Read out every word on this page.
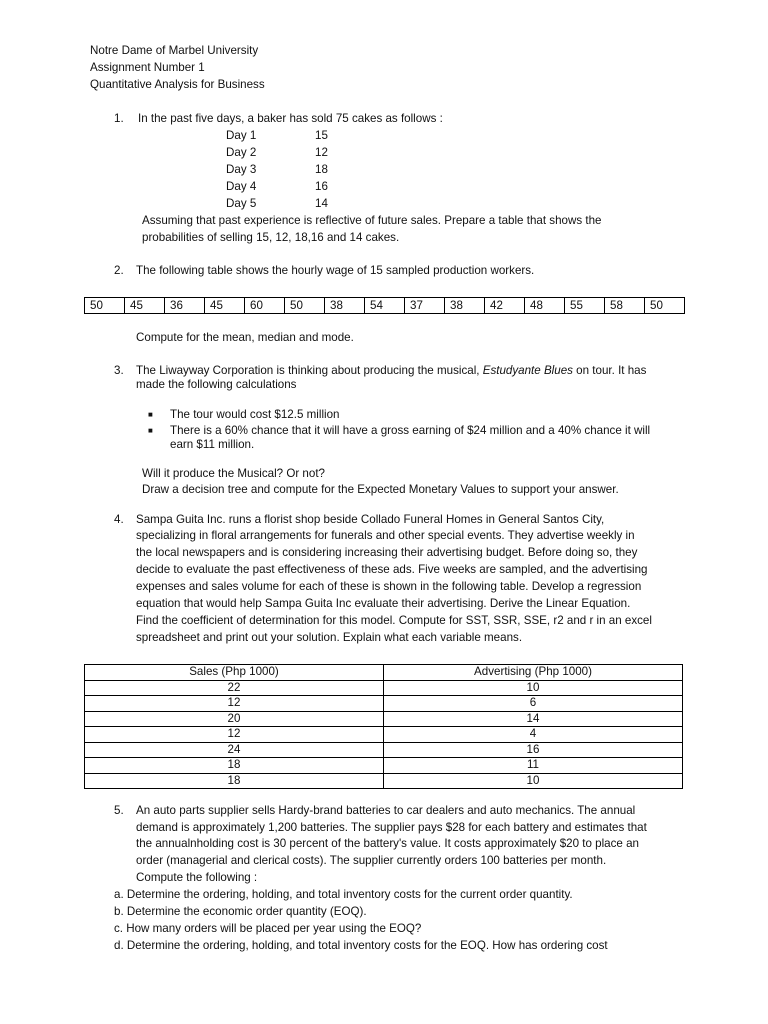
Notre Dame of Marbel University
Assignment Number 1
Quantitative Analysis for Business
1. In the past five days, a baker has sold 75 cakes as follows :
Day 1	15
Day 2	12
Day 3	18
Day 4	16
Day 5	14
Assuming that past experience is reflective of future sales. Prepare a table that shows the
probabilities of selling 15, 12, 18,16 and 14 cakes.
2. The following table shows the hourly wage of 15 sampled production workers.
50	45	36	45	60	50	38	54	37	38	42	48	55	58	50
Compute for the mean, median and mode.
3. The Liwayway Corporation is thinking about producing the musical, Estudyante Blues on tour. It has
made the following calculations
■ The tour would cost $12.5 million
■ There is a 60% chance that it will have a gross earning of $24 million and a 40% chance it will
earn $11 million.
Will it produce the Musical? Or not?
Draw a decision tree and compute for the Expected Monetary Values to support your answer.
4. Sampa Guita Inc. runs a florist shop beside Collado Funeral Homes in General Santos City,
specializing in floral arrangements for funerals and other special events. They advertise weekly in
the local newspapers and is considering increasing their advertising budget. Before doing so, they
decide to evaluate the past effectiveness of these ads. Five weeks are sampled, and the advertising
expenses and sales volume for each of these is shown in the following table. Develop a regression
equation that would help Sampa Guita Inc evaluate their advertising. Derive the Linear Equation.
Find the coefficient of determination for this model. Compute for SST, SSR, SSE, r2 and r in an excel
spreadsheet and print out your solution. Explain what each variable means.
Sales (Php 1000)	Advertising (Php 1000)
22	10
12	6
20	14
12	4
24	16
18	11
18	10
5. An auto parts supplier sells Hardy-brand batteries to car dealers and auto mechanics. The annual
demand is approximately 1,200 batteries. The supplier pays $28 for each battery and estimates that
the annualnholding cost is 30 percent of the battery's value. It costs approximately $20 to place an
order (managerial and clerical costs). The supplier currently orders 100 batteries per month.
Compute the following :
a. Determine the ordering, holding, and total inventory costs for the current order quantity.
b. Determine the economic order quantity (EOQ).
c. How many orders will be placed per year using the EOQ?
d. Determine the ordering, holding, and total inventory costs for the EOQ. How has ordering cost
